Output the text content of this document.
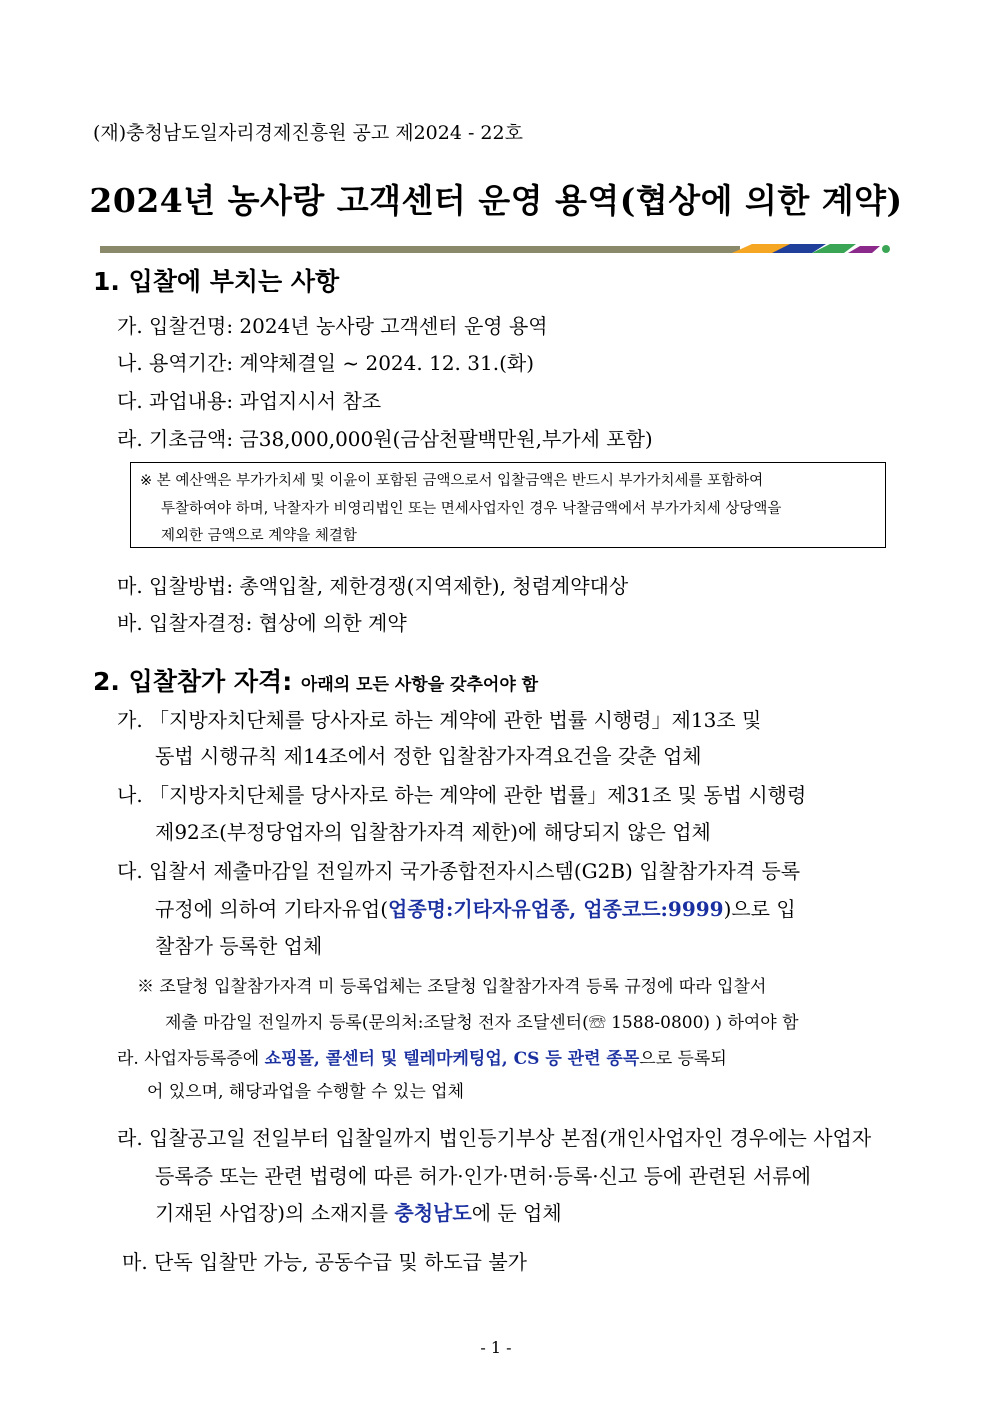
(재)충청남도일자리경제진흥원 공고 제2024 - 22호
2024년 농사랑 고객센터 운영 용역(협상에 의한 계약)
1. 입찰에 부치는 사항
가. 입찰건명: 2024년 농사랑 고객센터 운영 용역
나. 용역기간: 계약체결일 ~ 2024. 12. 31.(화)
다. 과업내용: 과업지시서 참조
라. 기초금액: 금38,000,000원(금삼천팔백만원,부가세 포함)
※ 본 예산액은 부가가치세 및 이윤이 포함된 금액으로서 입찰금액은 반드시 부가가치세를 포함하여
투찰하여야 하며, 낙찰자가 비영리법인 또는 면세사업자인 경우 낙찰금액에서 부가가치세 상당액을
제외한 금액으로 계약을 체결함
마. 입찰방법: 총액입찰, 제한경쟁(지역제한), 청렴계약대상
바. 입찰자결정: 협상에 의한 계약
2. 입찰참가 자격: 아래의 모든 사항을 갖추어야 함
가. 「지방자치단체를 당사자로 하는 계약에 관한 법률 시행령」제13조 및
동법 시행규칙 제14조에서 정한 입찰참가자격요건을 갖춘 업체
나. 「지방자치단체를 당사자로 하는 계약에 관한 법률」제31조 및 동법 시행령
제92조(부정당업자의 입찰참가자격 제한)에 해당되지 않은 업체
다. 입찰서 제출마감일 전일까지 국가종합전자시스템(G2B) 입찰참가자격 등록
규정에 의하여 기타자유업(업종명:기타자유업종, 업종코드:9999)으로 입
찰참가 등록한 업체
※ 조달청 입찰참가자격 미 등록업체는 조달청 입찰참가자격 등록 규정에 따라 입찰서
제출 마감일 전일까지 등록(문의처:조달청 전자 조달센터(☏ 1588-0800) ) 하여야 함
라. 사업자등록증에 쇼핑몰, 콜센터 및 텔레마케팅업, CS 등 관련 종목으로 등록되
어 있으며, 해당과업을 수행할 수 있는 업체
라. 입찰공고일 전일부터 입찰일까지 법인등기부상 본점(개인사업자인 경우에는 사업자
등록증 또는 관련 법령에 따른 허가·인가·면허·등록·신고 등에 관련된 서류에
기재된 사업장)의 소재지를 충청남도에 둔 업체
마. 단독 입찰만 가능, 공동수급 및 하도급 불가
- 1 -
